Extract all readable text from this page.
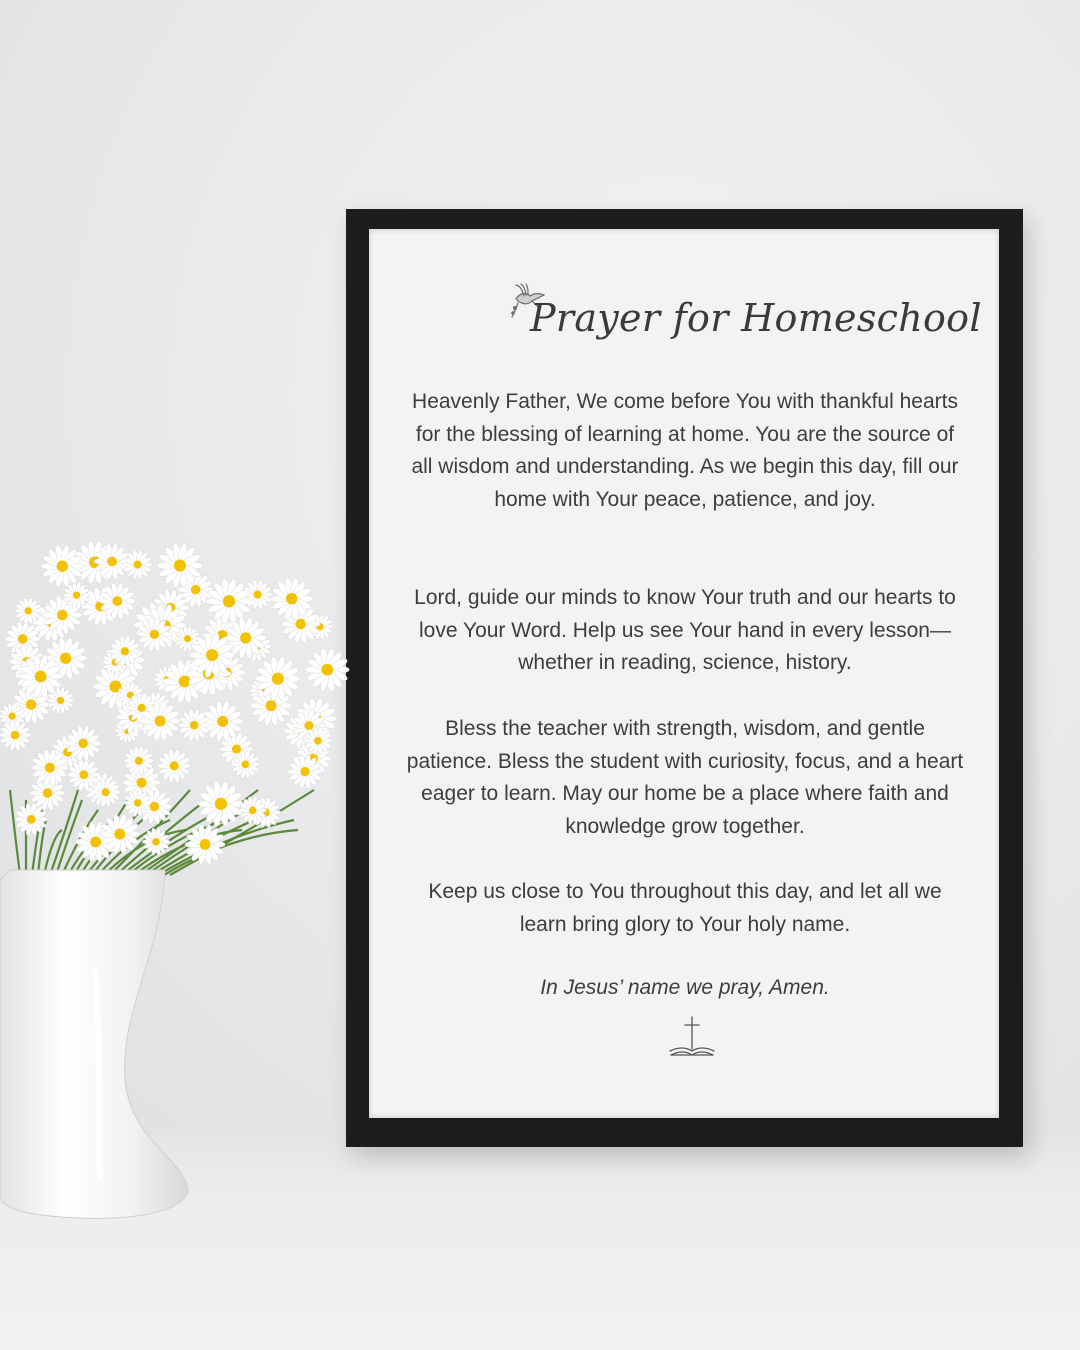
Prayer for Homeschool

Heavenly Father, We come before You with thankful hearts for the blessing of learning at home. You are the source of all wisdom and understanding. As we begin this day, fill our home with Your peace, patience, and joy.

Lord, guide our minds to know Your truth and our hearts to love Your Word. Help us see Your hand in every lesson—whether in reading, science, history.

Bless the teacher with strength, wisdom, and gentle patience. Bless the student with curiosity, focus, and a heart eager to learn. May our home be a place where faith and knowledge grow together.

Keep us close to You throughout this day, and let all we learn bring glory to Your holy name.

In Jesus’ name we pray, Amen.
